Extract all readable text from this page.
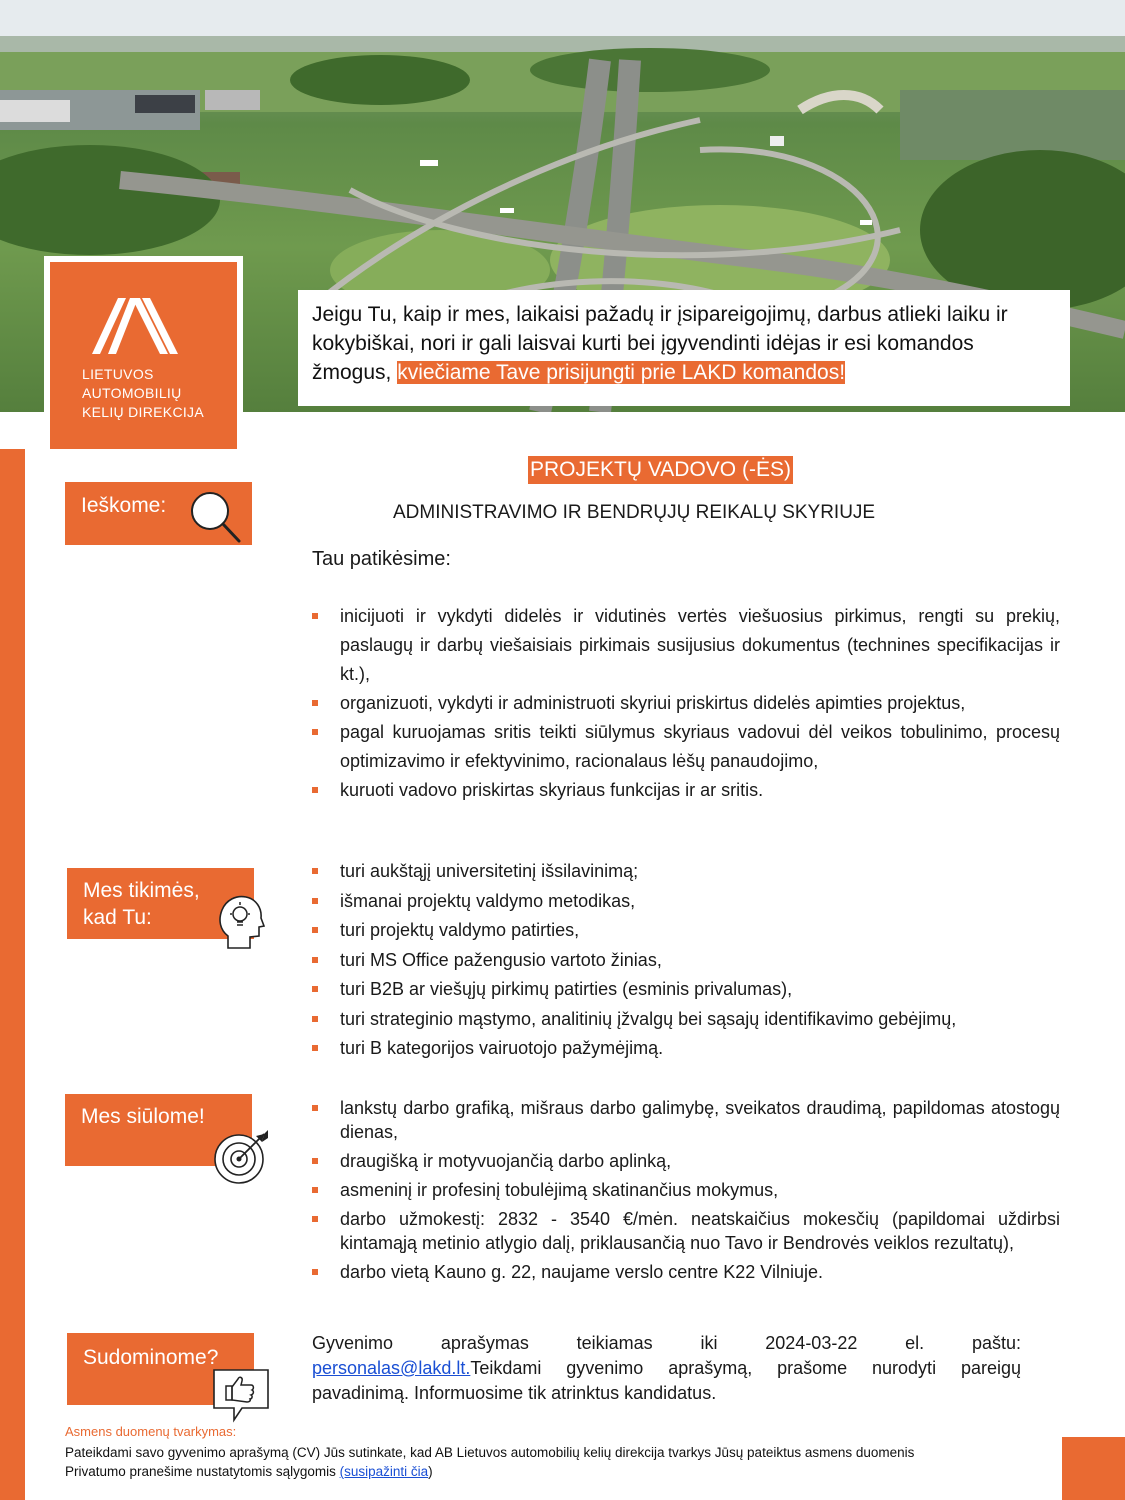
LIETUVOS
AUTOMOBILIŲ
KELIŲ DIREKCIJA
Jeigu Tu, kaip ir mes, laikaisi pažadų ir įsipareigojimų, darbus atlieki laiku ir kokybiškai, nori ir gali laisvai kurti bei įgyvendinti idėjas ir esi komandos žmogus, kviečiame Tave prisijungti prie LAKD komandos!
Ieškome:
PROJEKTŲ VADOVO (-ĖS)
ADMINISTRAVIMO IR BENDRŲJŲ REIKALŲ SKYRIUJE
Tau patikėsime:
inicijuoti ir vykdyti didelės ir vidutinės vertės viešuosius pirkimus, rengti su prekių, paslaugų ir darbų viešaisiais pirkimais susijusius dokumentus (technines specifikacijas ir kt.),
organizuoti, vykdyti ir administruoti skyriui priskirtus didelės apimties projektus,
pagal kuruojamas sritis teikti siūlymus skyriaus vadovui dėl veikos tobulinimo, procesų optimizavimo ir efektyvinimo, racionalaus lėšų panaudojimo,
kuruoti vadovo priskirtas skyriaus funkcijas ir ar sritis.
Mes tikimės,
kad Tu:
turi aukštąjį universitetinį išsilavinimą;
išmanai projektų valdymo metodikas,
turi projektų valdymo patirties,
turi MS Office pažengusio vartoto žinias,
turi B2B ar viešųjų pirkimų patirties (esminis privalumas),
turi strateginio mąstymo, analitinių įžvalgų bei sąsajų identifikavimo gebėjimų,
turi B kategorijos vairuotojo pažymėjimą.
Mes siūlome!	lankstų darbo grafiką, mišraus darbo galimybę, sveikatos draudimą, papildomas atostogų dienas,
draugišką ir motyvuojančią darbo aplinką,
asmeninį ir profesinį tobulėjimą skatinančius mokymus,
darbo užmokestį: 2832 - 3540 €/mėn. neatskaičius mokesčių (papildomai uždirbsi kintamąją metinio atlygio dalį, priklausančią nuo Tavo ir Bendrovės veiklos rezultatų),
darbo vietą Kauno g. 22, naujame verslo centre K22 Vilniuje.
Sudominome?
Gyvenimo aprašymas teikiamas iki 2024-03-22 el. paštu:
personalas@lakd.lt.Teikdami gyvenimo aprašymą, prašome nurodyti pareigų pavadinimą. Informuosime tik atrinktus kandidatus.
Asmens duomenų tvarkymas:
Pateikdami savo gyvenimo aprašymą (CV) Jūs sutinkate, kad AB Lietuvos automobilių kelių direkcija tvarkys Jūsų pateiktus asmens duomenis
Privatumo pranešime nustatytomis sąlygomis (susipažinti čia)
